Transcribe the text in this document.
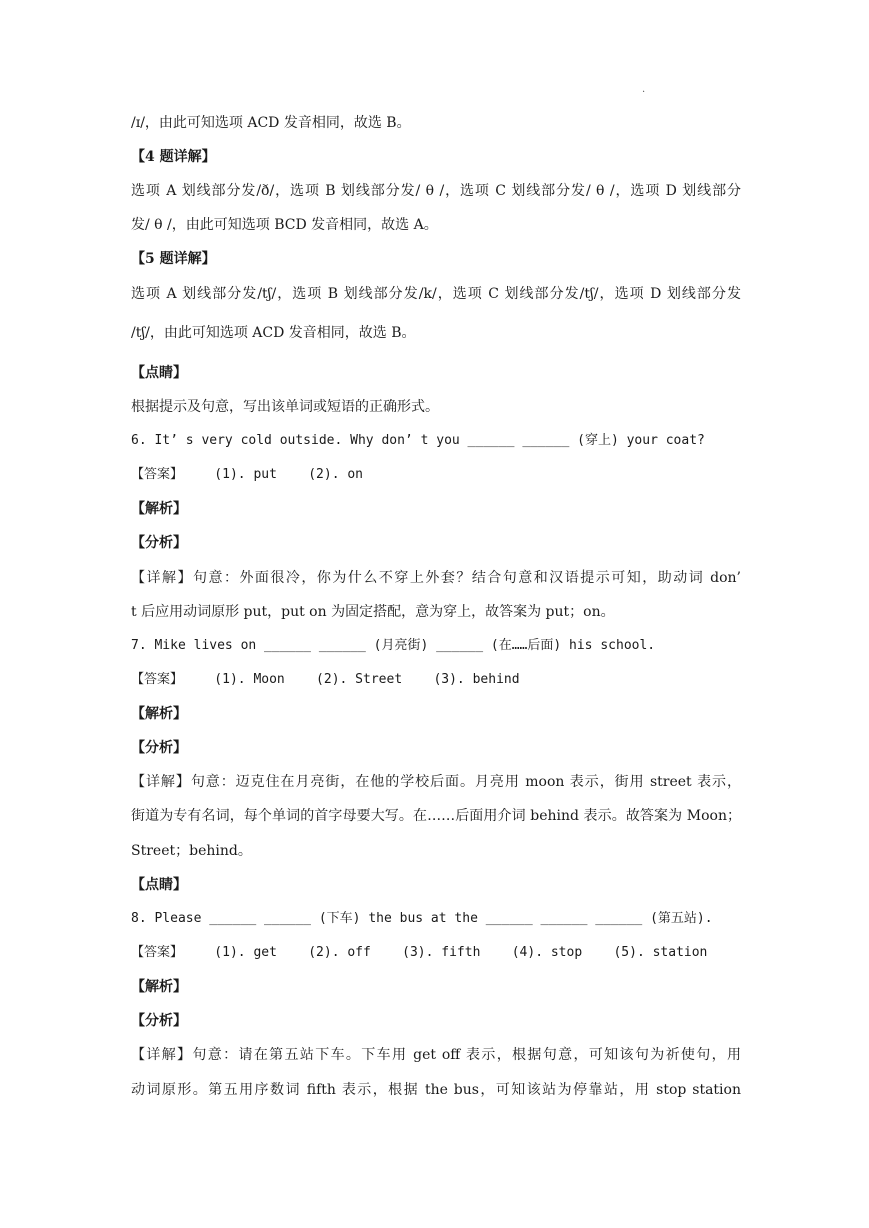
.
/ɪ/，由此可知选项 ACD 发音相同，故选 B。
【4 题详解】
选项 A 划线部分发/ð/，选项 B 划线部分发/ θ /，选项 C 划线部分发/ θ /，选项 D 划线部分
发/ θ /，由此可知选项 BCD 发音相同，故选 A。
【5 题详解】
选项 A 划线部分发/tʃ/，选项 B 划线部分发/k/，选项 C 划线部分发/tʃ/，选项 D 划线部分发
/tʃ/，由此可知选项 ACD 发音相同，故选 B。
【点睛】
根据提示及句意，写出该单词或短语的正确形式。
6. It’ s very cold outside. Why don’ t you ______ ______ (穿上) your coat?
【答案】    (1). put    (2). on
【解析】
【分析】
【详解】句意：外面很冷，你为什么不穿上外套？结合句意和汉语提示可知，助动词 don’
t 后应用动词原形 put，put on 为固定搭配，意为穿上，故答案为 put；on。
7. Mike lives on ______ ______ (月亮街) ______ (在……后面) his school.
【答案】    (1). Moon    (2). Street    (3). behind
【解析】
【分析】
【详解】句意：迈克住在月亮街，在他的学校后面。月亮用 moon 表示，街用 street 表示，
街道为专有名词，每个单词的首字母要大写。在……后面用介词 behind 表示。故答案为 Moon；
Street；behind。
【点睛】
8. Please ______ ______ (下车) the bus at the ______ ______ ______ (第五站).
【答案】    (1). get    (2). off    (3). fifth    (4). stop    (5). station
【解析】
【分析】
【详解】句意：请在第五站下车。下车用 get off 表示，根据句意，可知该句为祈使句，用
动词原形。第五用序数词 fifth 表示，根据 the bus，可知该站为停靠站，用 stop station
